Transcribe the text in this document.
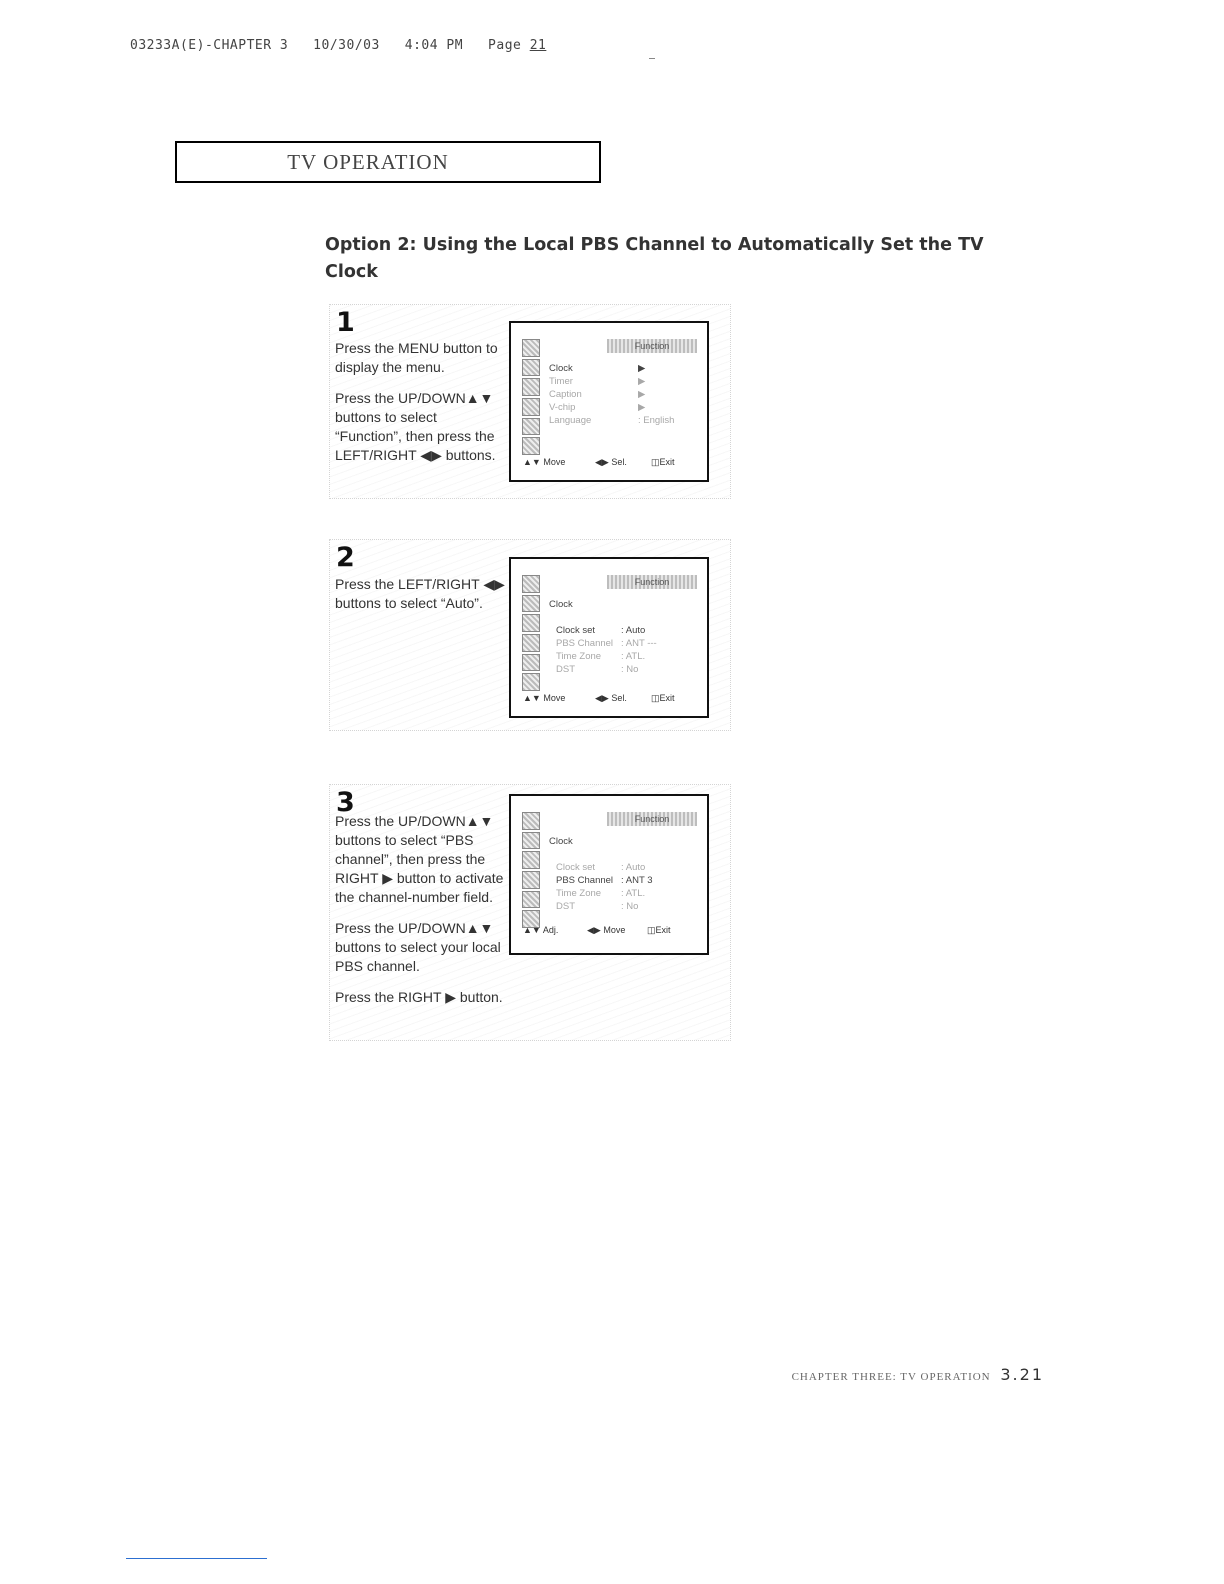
03233A(E)-CHAPTER 3   10/30/03   4:04 PM   Page 21
TV OPERATION
Option 2: Using the Local PBS Channel to Automatically Set the TV Clock
1

Press the MENU button to display the menu.

Press the UP/DOWN▲▼ buttons to select “Function”, then press the LEFT/RIGHT ◀▶ buttons.

Function
Clock	▶
Timer	▶
Caption	▶
V-chip	▶
Language	: English
▲▼ Move	◀▶ Sel.	◫ Exit
2

Press the LEFT/RIGHT ◀▶ buttons to select “Auto”.

Function
Clock
Clock set	: Auto
PBS Channel : ANT ---
Time Zone : ATL.
DST	: No
▲▼ Move	◀▶ Sel.	◫ Exit
3

Press the UP/DOWN▲▼ buttons to select “PBS channel”, then press the RIGHT ▶ button to activate the channel-number field.

Press the UP/DOWN▲▼ buttons to select your local PBS channel.

Press the RIGHT ▶ button.

Function
Clock
Clock set	: Auto
PBS Channel : ANT 3
Time Zone : ATL.
DST	: No
▲▼ Adj.	◀▶ Move ◫ Exit
CHAPTER THREE: TV OPERATION 3.21
